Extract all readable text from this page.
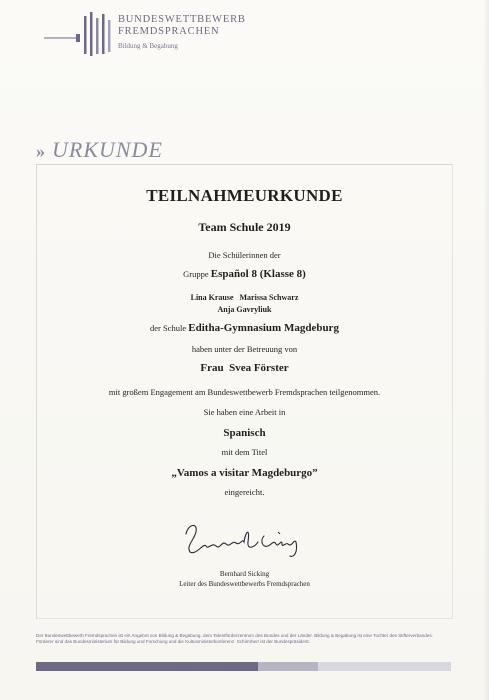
BUNDESWETTBEWERB
FREMDSPRACHEN
Bildung & Begabung
» URKUNDE
TEILNAHMEURKUNDE
Team Schule 2019
Die Schülerinnen der
Gruppe Español 8 (Klasse 8)
Lina Krause   Marissa Schwarz
Anja Gavryliuk
der Schule Editha-Gymnasium Magdeburg
haben unter der Betreuung von
Frau  Svea Förster
mit großem Engagement am Bundeswettbewerb Fremdsprachen teilgenommen.
Sie haben eine Arbeit in
Spanisch
mit dem Titel
„Vamos a visitar Magdeburgo”
eingereicht.
Bernhard Sicking
Leiter des Bundeswettbewerbs Fremdsprachen
Der Bundeswettbewerb Fremdsprachen ist ein Angebot von Bildung & Begabung, dem Talentförderzentrum des Bundes und der Länder. Bildung & Begabung ist eine Tochter des Stifterverbandes. Förderer sind das Bundesministerium für Bildung und Forschung und die Kultusministerkonferenz. Schirmherr ist der Bundespräsident.
